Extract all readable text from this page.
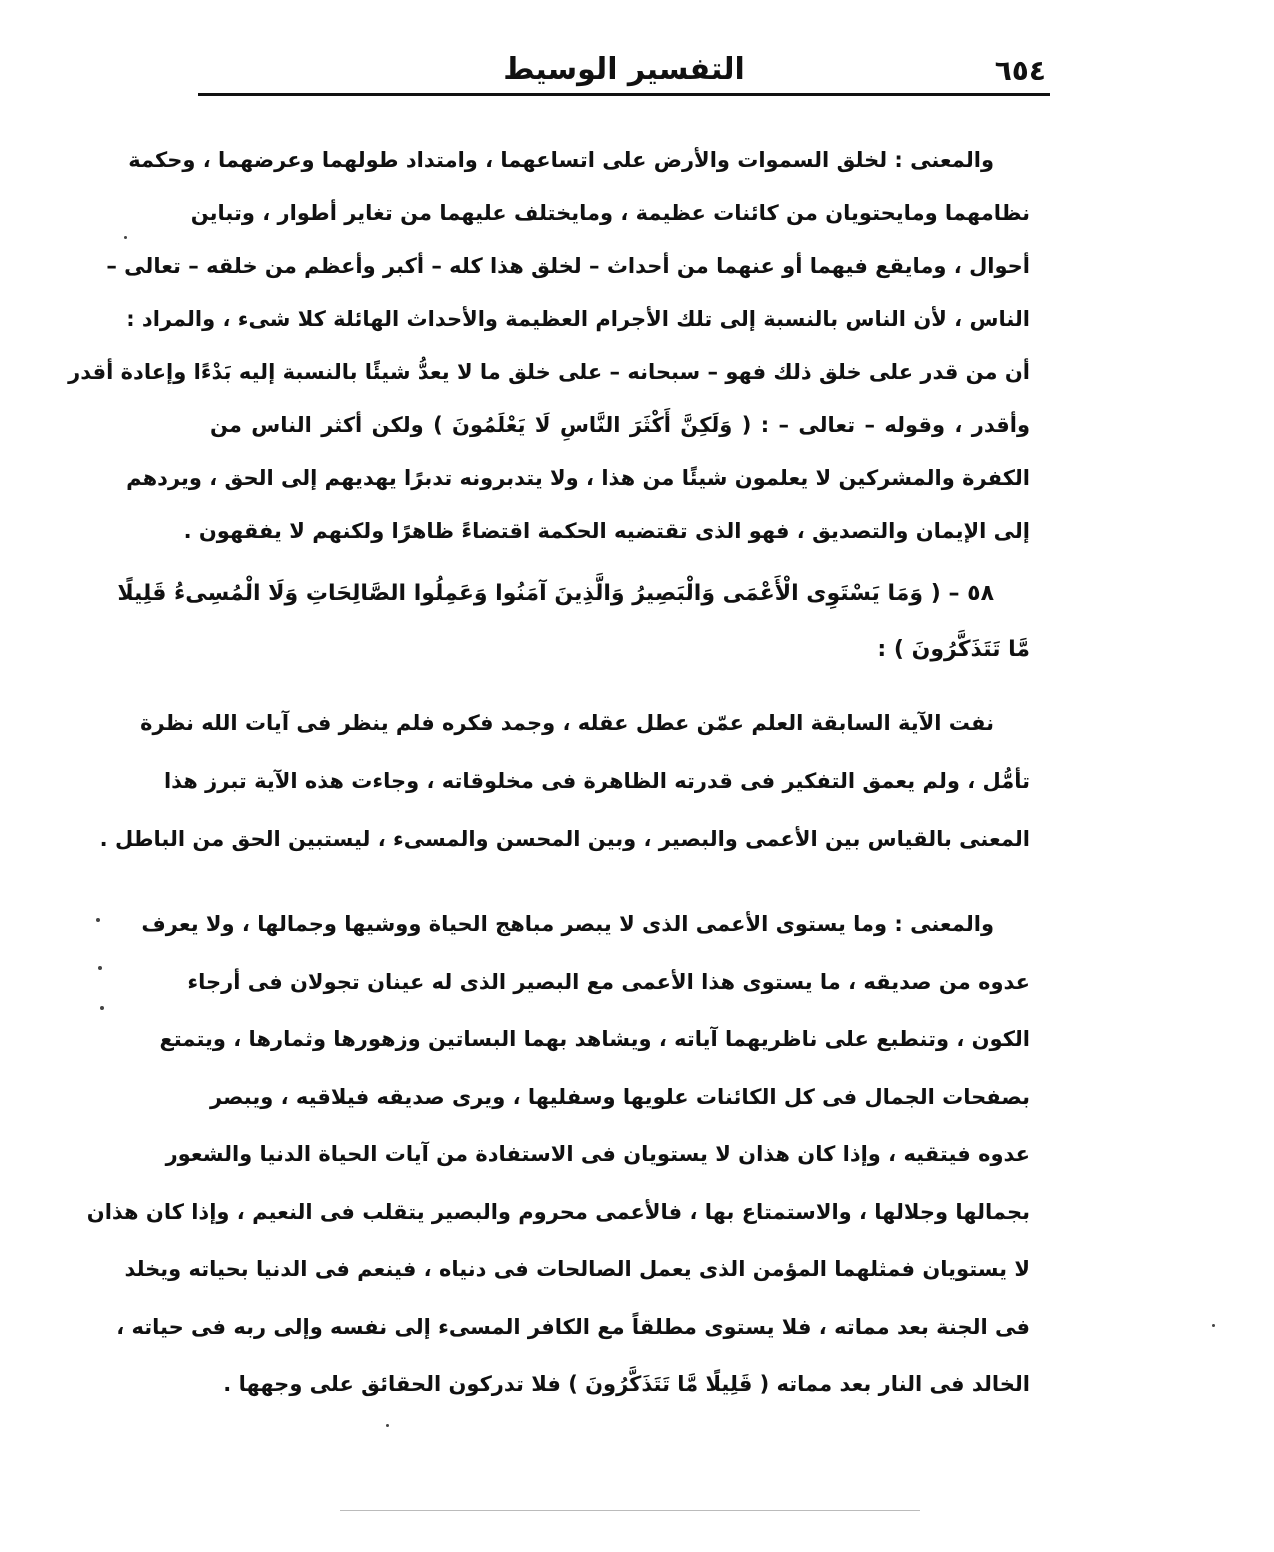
٦٥٤
التفسير الوسيط
والمعنى : لخلق السموات والأرض على اتساعهما ، وامتداد طولهما وعرضهما ، وحكمة
نظامهما ومايحتويان من كائنات عظيمة ، ومايختلف عليهما من تغاير أطوار ، وتباين
أحوال ، ومايقع فيهما أو عنهما من أحداث – لخلق هذا كله – أكبر وأعظم من خلقه – تعالى –
الناس ، لأن الناس بالنسبة إلى تلك الأجرام العظيمة والأحداث الهائلة كلا شىء ، والمراد :
أن من قدر على خلق ذلك فهو – سبحانه – على خلق ما لا يعدُّ شيئًا بالنسبة إليه بَدْءًا وإعادة أقدر
وأقدر ، وقوله – تعالى – : ( وَلَكِنَّ أَكْثَرَ النَّاسِ لَا يَعْلَمُونَ ) ولكن أكثر الناس من
الكفرة والمشركين لا يعلمون شيئًا من هذا ، ولا يتدبرونه تدبرًا يهديهم إلى الحق ، ويردهم
إلى الإيمان والتصديق ، فهو الذى تقتضيه الحكمة اقتضاءً ظاهرًا ولكنهم لا يفقهون .
٥٨ – ( وَمَا يَسْتَوِى الْأَعْمَى وَالْبَصِيرُ وَالَّذِينَ آمَنُوا وَعَمِلُوا الصَّالِحَاتِ وَلَا الْمُسِىءُ قَلِيلًا
مَّا تَتَذَكَّرُونَ ) :
نفت الآية السابقة العلم عمّن عطل عقله ، وجمد فكره فلم ينظر فى آيات الله نظرة
تأمُّل ، ولم يعمق التفكير فى قدرته الظاهرة فى مخلوقاته ، وجاءت هذه الآية تبرز هذا
المعنى بالقياس بين الأعمى والبصير ، وبين المحسن والمسىء ، ليستبين الحق من الباطل .
والمعنى : وما يستوى الأعمى الذى لا يبصر مباهج الحياة ووشيها وجمالها ، ولا يعرف
عدوه من صديقه ، ما يستوى هذا الأعمى مع البصير الذى له عينان تجولان فى أرجاء
الكون ، وتنطبع على ناظريهما آياته ، ويشاهد بهما البساتين وزهورها وثمارها ، ويتمتع
بصفحات الجمال فى كل الكائنات علويها وسفليها ، ويرى صديقه فيلاقيه ، ويبصر
عدوه فيتقيه ، وإذا كان هذان لا يستويان فى الاستفادة من آيات الحياة الدنيا والشعور
بجمالها وجلالها ، والاستمتاع بها ، فالأعمى محروم والبصير يتقلب فى النعيم ، وإذا كان هذان
لا يستويان فمثلهما المؤمن الذى يعمل الصالحات فى دنياه ، فينعم فى الدنيا بحياته ويخلد
فى الجنة بعد مماته ، فلا يستوى مطلقاً مع الكافر المسىء إلى نفسه وإلى ربه فى حياته ،
الخالد فى النار بعد مماته ( قَلِيلًا مَّا تَتَذَكَّرُونَ ) فلا تدركون الحقائق على وجهها .
